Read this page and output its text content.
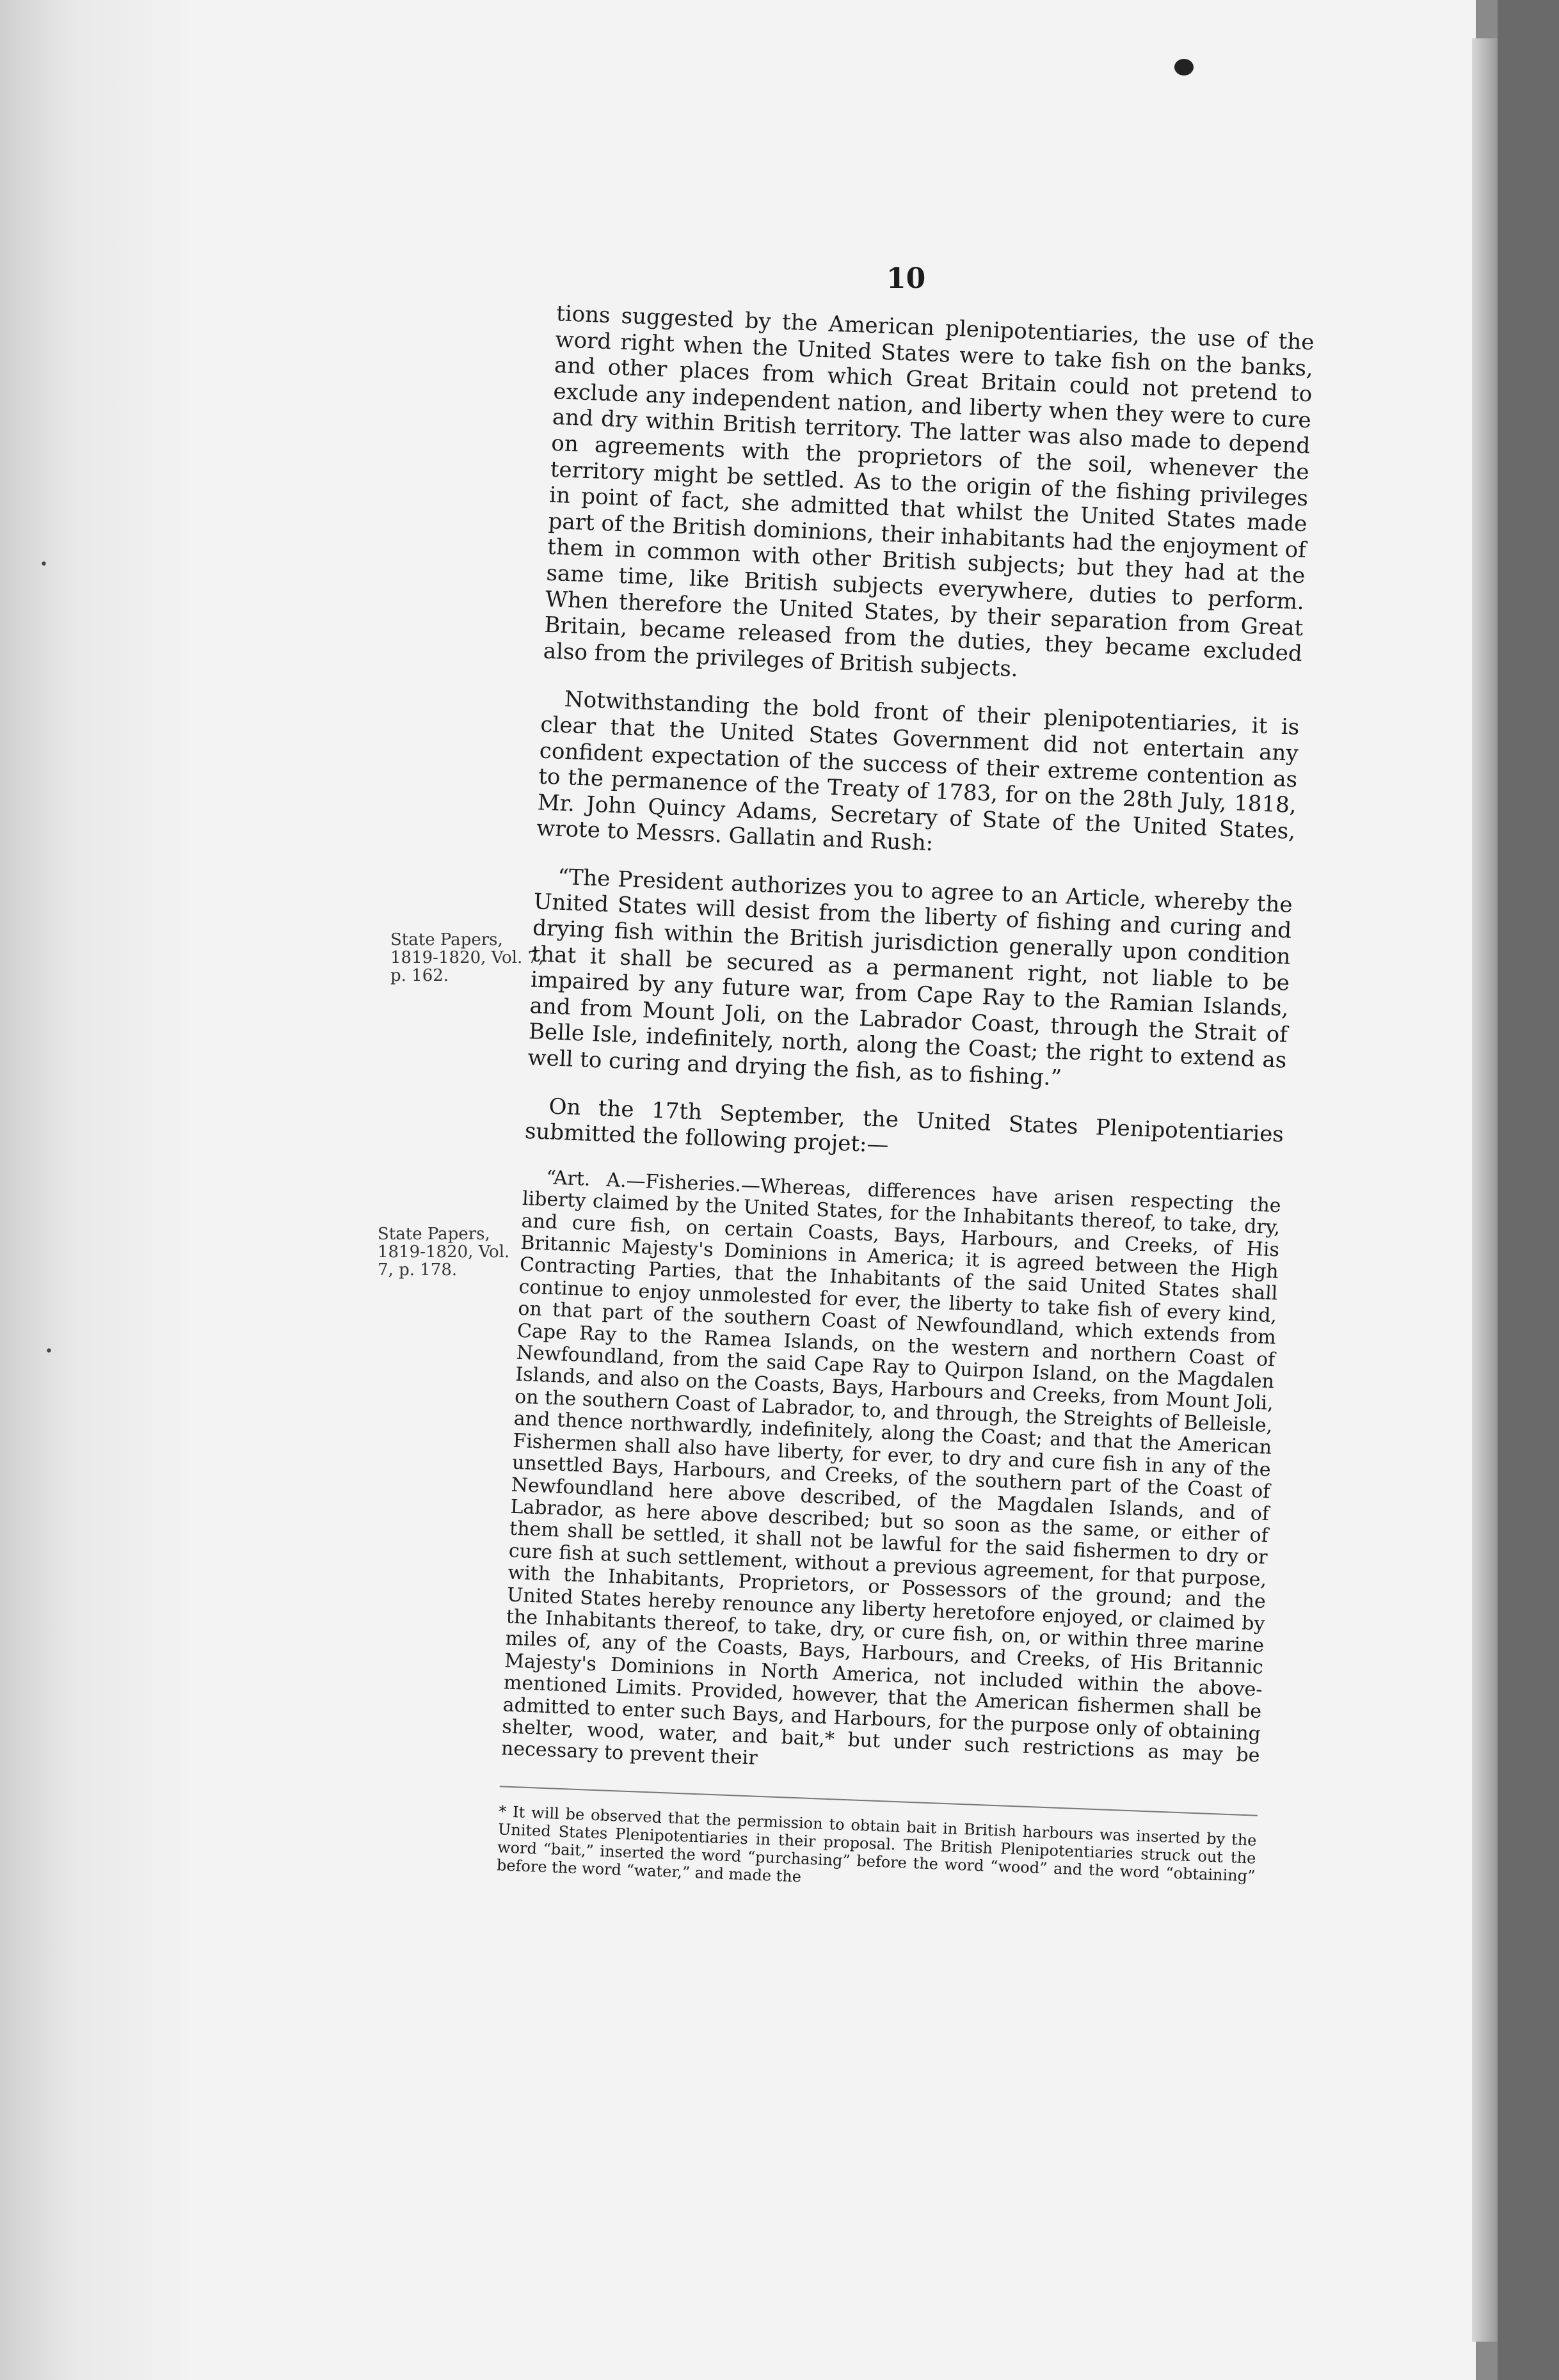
10
•
•
State Papers, 1819-1820, Vol. 7, p. 162.
State Papers, 1819-1820, Vol. 7, p. 178.

tions suggested by the American plenipotentiaries, the use of the word right when the United States were to take fish on the banks, and other places from which Great Britain could not pretend to exclude any independent nation, and liberty when they were to cure and dry within British territory. The latter was also made to depend on agreements with the proprietors of the soil, whenever the territory might be settled. As to the origin of the fishing privileges in point of fact, she admitted that whilst the United States made part of the British dominions, their inhabitants had the enjoyment of them in common with other British subjects; but they had at the same time, like British subjects everywhere, duties to perform. When therefore the United States, by their separation from Great Britain, became released from the duties, they became excluded also from the privileges of British subjects.

Notwithstanding the bold front of their plenipotentiaries, it is clear that the United States Government did not entertain any confident expectation of the success of their extreme contention as to the permanence of the Treaty of 1783, for on the 28th July, 1818, Mr. John Quincy Adams, Secretary of State of the United States, wrote to Messrs. Gallatin and Rush:

“The President authorizes you to agree to an Article, whereby the United States will desist from the liberty of fishing and curing and drying fish within the British jurisdiction generally upon condition that it shall be secured as a permanent right, not liable to be impaired by any future war, from Cape Ray to the Ramian Islands, and from Mount Joli, on the Labrador Coast, through the Strait of Belle Isle, indefinitely, north, along the Coast; the right to extend as well to curing and drying the fish, as to fishing.”

On the 17th September, the United States Plenipotentiaries submitted the following projet:—

“Art. A.—Fisheries.—Whereas, differences have arisen respecting the liberty claimed by the United States, for the Inhabitants thereof, to take, dry, and cure fish, on certain Coasts, Bays, Harbours, and Creeks, of His Britannic Majesty's Dominions in America; it is agreed between the High Contracting Parties, that the Inhabitants of the said United States shall continue to enjoy unmolested for ever, the liberty to take fish of every kind, on that part of the southern Coast of Newfoundland, which extends from Cape Ray to the Ramea Islands, on the western and northern Coast of Newfoundland, from the said Cape Ray to Quirpon Island, on the Magdalen Islands, and also on the Coasts, Bays, Harbours and Creeks, from Mount Joli, on the southern Coast of Labrador, to, and through, the Streights of Belleisle, and thence northwardly, indefinitely, along the Coast; and that the American Fishermen shall also have liberty, for ever, to dry and cure fish in any of the unsettled Bays, Harbours, and Creeks, of the southern part of the Coast of Newfoundland here above described, of the Magdalen Islands, and of Labrador, as here above described; but so soon as the same, or either of them shall be settled, it shall not be lawful for the said fishermen to dry or cure fish at such settlement, without a previous agreement, for that purpose, with the Inhabitants, Proprietors, or Possessors of the ground; and the United States hereby renounce any liberty heretofore enjoyed, or claimed by the Inhabitants thereof, to take, dry, or cure fish, on, or within three marine miles of, any of the Coasts, Bays, Harbours, and Creeks, of His Britannic Majesty's Dominions in North America, not included within the above-mentioned Limits. Provided, however, that the American fishermen shall be admitted to enter such Bays, and Harbours, for the purpose only of obtaining shelter, wood, water, and bait,* but under such restrictions as may be necessary to prevent their

* It will be observed that the permission to obtain bait in British harbours was inserted by the United States Plenipotentiaries in their proposal. The British Plenipotentiaries struck out the word “bait,” inserted the word “purchasing” before the word “wood” and the word “obtaining” before the word “water,” and made the
